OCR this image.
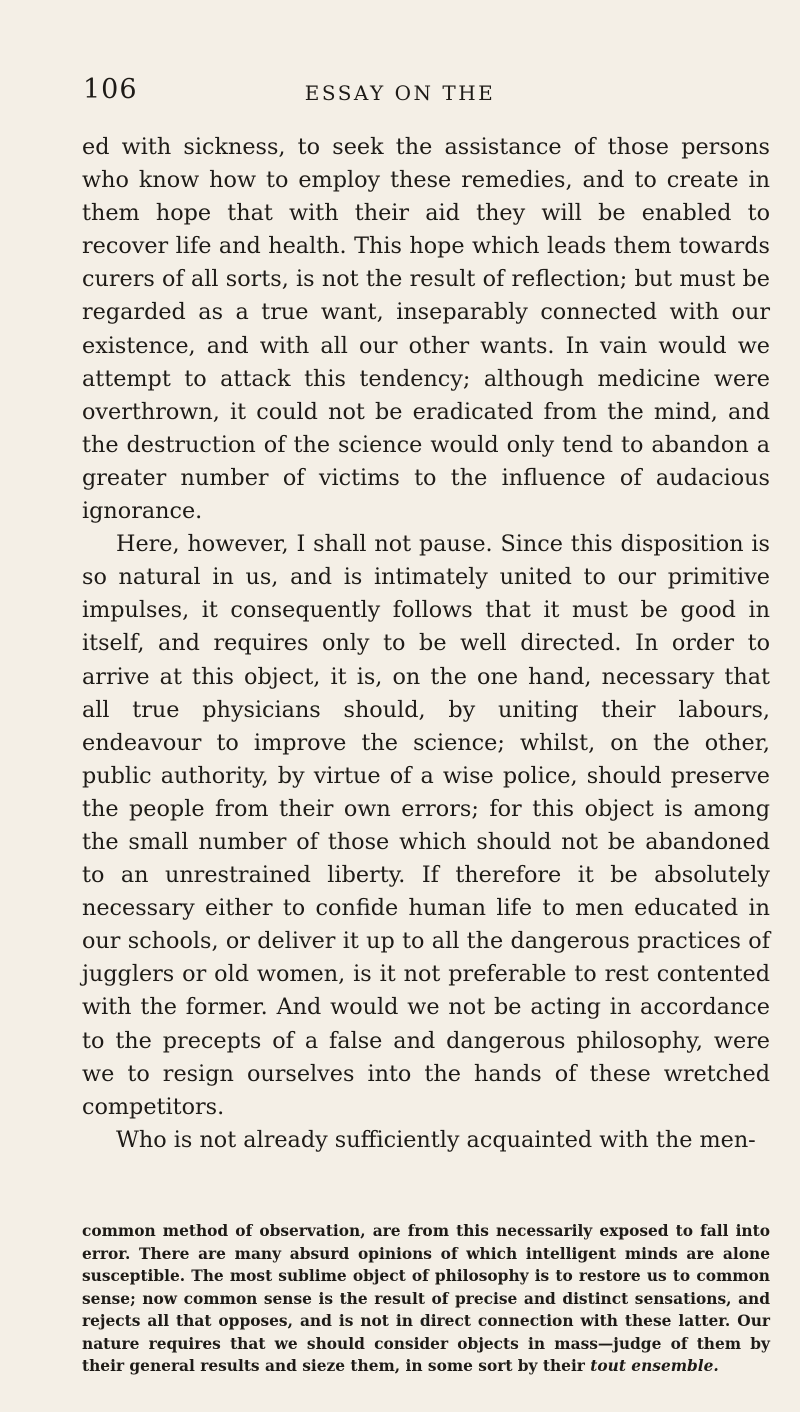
106	ESSAY ON THE

ed with sickness, to seek the assistance of those persons who know how to employ these remedies, and to create in them hope that with their aid they will be enabled to recover life and health. This hope which leads them towards curers of all sorts, is not the result of reflection; but must be regarded as a true want, inseparably connected with our existence, and with all our other wants. In vain would we attempt to attack this tendency; although medicine were overthrown, it could not be eradicated from the mind, and the destruction of the science would only tend to abandon a greater number of victims to the influence of audacious ignorance.

Here, however, I shall not pause. Since this disposition is so natural in us, and is intimately united to our primitive impulses, it consequently follows that it must be good in itself, and requires only to be well directed. In order to arrive at this object, it is, on the one hand, necessary that all true physicians should, by uniting their labours, endeavour to improve the science; whilst, on the other, public authority, by virtue of a wise police, should preserve the people from their own errors; for this object is among the small number of those which should not be abandoned to an unrestrained liberty. If therefore it be absolutely necessary either to confide human life to men educated in our schools, or deliver it up to all the dangerous practices of jugglers or old women, is it not preferable to rest contented with the former. And would we not be acting in accordance to the precepts of a false and dangerous philosophy, were we to resign ourselves into the hands of these wretched competitors.

Who is not already sufficiently acquainted with the men-

common method of observation, are from this necessarily exposed to fall into error. There are many absurd opinions of which intelligent minds are alone susceptible. The most sublime object of philosophy is to restore us to common sense; now common sense is the result of precise and distinct sensations, and rejects all that opposes, and is not in direct connection with these latter. Our nature requires that we should consider objects in mass—judge of them by their general results and sieze them, in some sort by their tout ensemble.
